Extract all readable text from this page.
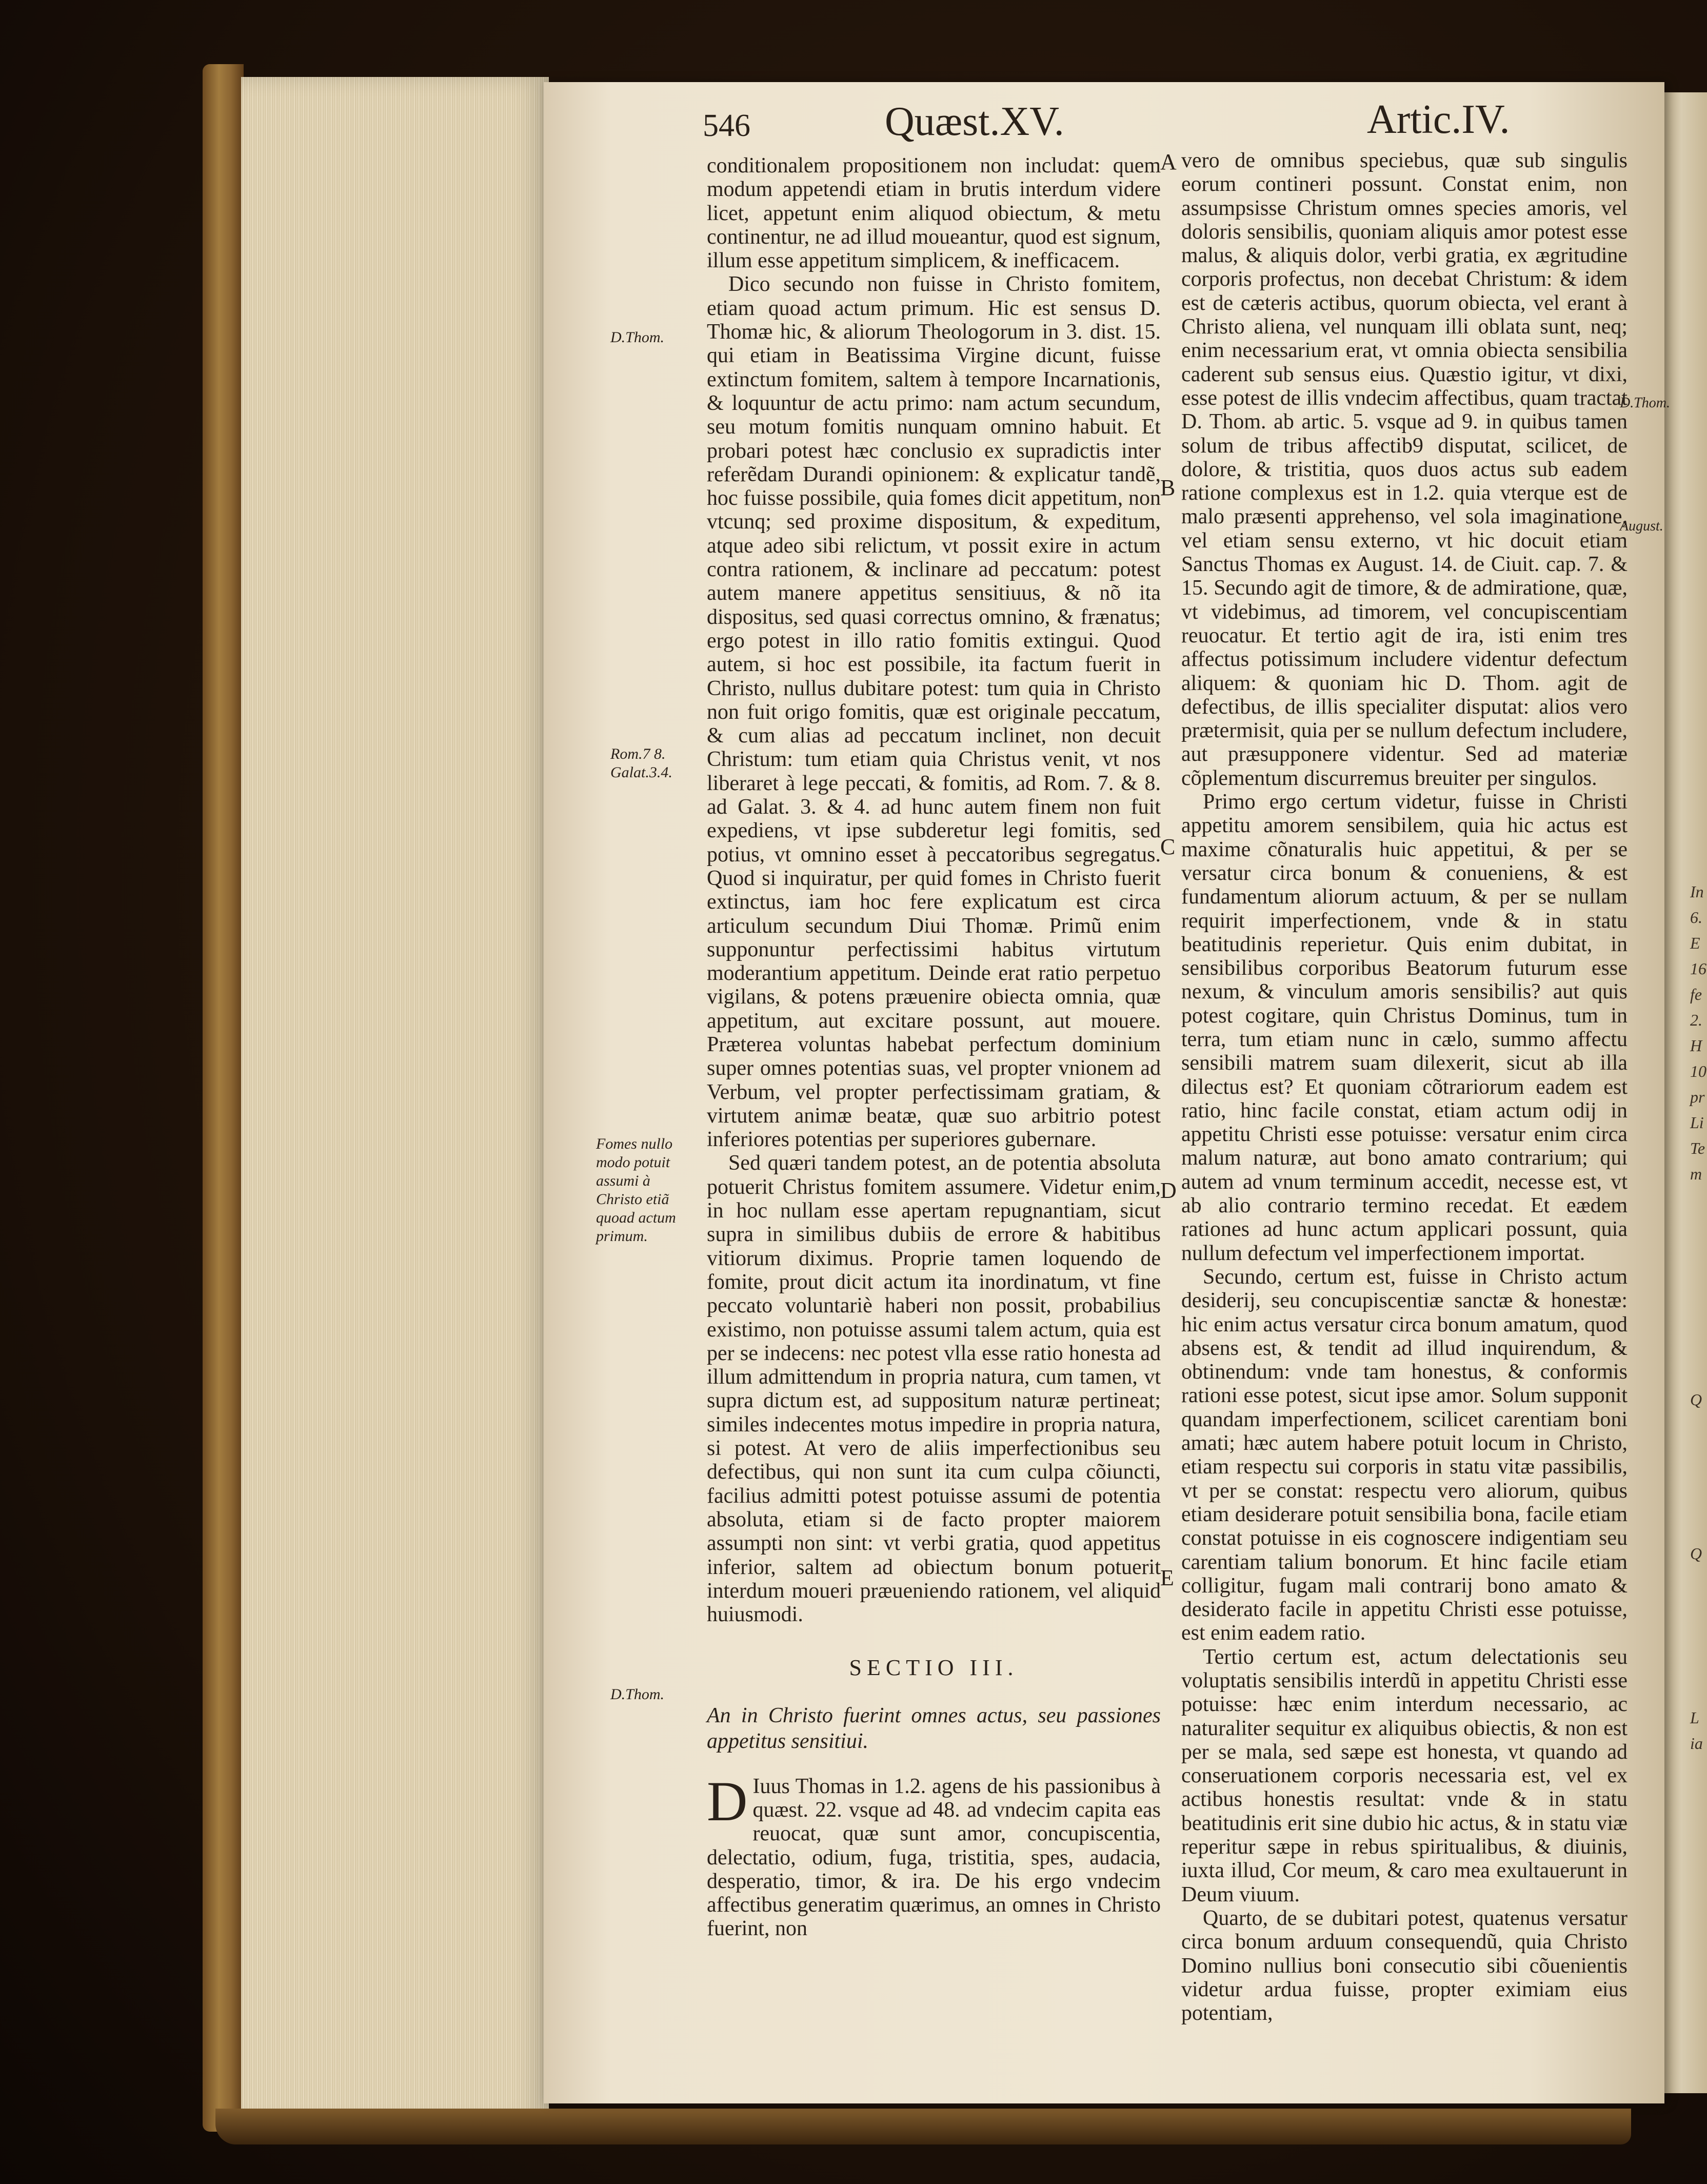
In
6.
E
16
fe
2.
H
10
pr
Li
Te
m
Q
Q
L
ia
546	Quæst.XV.	Artic.IV.
D.Thom.
Rom.7 8. Galat.3.4.
Fomes nullo modo potuit assumi à Christo etiã quoad actum primum.
D.Thom.
A
B
C
D
E
D.Thom.
August.

conditionalem propositionem non includat: quem modum appetendi etiam in brutis interdum videre licet, appetunt enim aliquod obiectum, & metu continentur, ne ad illud moueantur, quod est signum, illum esse appetitum simplicem, & inefficacem.

Dico secundo non fuisse in Christo fomitem, etiam quoad actum primum. Hic est sensus D. Thomæ hic, & aliorum Theologorum in 3. dist. 15. qui etiam in Beatissima Virgine dicunt, fuisse extinctum fomitem, saltem à tempore Incarnationis, & loquuntur de actu primo: nam actum secundum, seu motum fomitis nunquam omnino habuit. Et probari potest hæc conclusio ex supradictis inter referẽdam Durandi opinionem: & explicatur tandẽ, hoc fuisse possibile, quia fomes dicit appetitum, non vtcunq; sed proxime dispositum, & expeditum, atque adeo sibi relictum, vt possit exire in actum contra rationem, & inclinare ad peccatum: potest autem manere appetitus sensitiuus, & nõ ita dispositus, sed quasi correctus omnino, & frænatus; ergo potest in illo ratio fomitis extingui. Quod autem, si hoc est possibile, ita factum fuerit in Christo, nullus dubitare potest: tum quia in Christo non fuit origo fomitis, quæ est originale peccatum, & cum alias ad peccatum inclinet, non decuit Christum: tum etiam quia Christus venit, vt nos liberaret à lege peccati, & fomitis, ad Rom. 7. & 8. ad Galat. 3. & 4. ad hunc autem finem non fuit expediens, vt ipse subderetur legi fomitis, sed potius, vt omnino esset à peccatoribus segregatus. Quod si inquiratur, per quid fomes in Christo fuerit extinctus, iam hoc fere explicatum est circa articulum secundum Diui Thomæ. Primũ enim supponuntur perfectissimi habitus virtutum moderantium appetitum. Deinde erat ratio perpetuo vigilans, & potens præuenire obiecta omnia, quæ appetitum, aut excitare possunt, aut mouere. Præterea voluntas habebat perfectum dominium super omnes potentias suas, vel propter vnionem ad Verbum, vel propter perfectissimam gratiam, & virtutem animæ beatæ, quæ suo arbitrio potest inferiores potentias per superiores gubernare.

Sed quæri tandem potest, an de potentia absoluta potuerit Christus fomitem assumere. Videtur enim, in hoc nullam esse apertam repugnantiam, sicut supra in similibus dubiis de errore & habitibus vitiorum diximus. Proprie tamen loquendo de fomite, prout dicit actum ita inordinatum, vt fine peccato voluntariè haberi non possit, probabilius existimo, non potuisse assumi talem actum, quia est per se indecens: nec potest vlla esse ratio honesta ad illum admittendum in propria natura, cum tamen, vt supra dictum est, ad suppositum naturæ pertineat; similes indecentes motus impedire in propria natura, si potest. At vero de aliis imperfectionibus seu defectibus, qui non sunt ita cum culpa cõiuncti, facilius admitti potest potuisse assumi de potentia absoluta, etiam si de facto propter maiorem assumpti non sint: vt verbi gratia, quod appetitus inferior, saltem ad obiectum bonum potuerit interdum moueri præueniendo rationem, vel aliquid huiusmodi.

SECTIO III.

An in Christo fuerint omnes actus, seu passiones appetitus sensitiui.

D Iuus Thomas in 1.2. agens de his passionibus à quæst. 22. vsque ad 48. ad vndecim capita eas reuocat, quæ sunt amor, concupiscentia, delectatio, odium, fuga, tristitia, spes, audacia, desperatio, timor, & ira. De his ergo vndecim affectibus generatim quærimus, an omnes in Christo fuerint, non

vero de omnibus speciebus, quæ sub singulis eorum contineri possunt. Constat enim, non assumpsisse Christum omnes species amoris, vel doloris sensibilis, quoniam aliquis amor potest esse malus, & aliquis dolor, verbi gratia, ex ægritudine corporis profectus, non decebat Christum: & idem est de cæteris actibus, quorum obiecta, vel erant à Christo aliena, vel nunquam illi oblata sunt, neq; enim necessarium erat, vt omnia obiecta sensibilia caderent sub sensus eius. Quæstio igitur, vt dixi, esse potest de illis vndecim affectibus, quam tractat D. Thom. ab artic. 5. vsque ad 9. in quibus tamen solum de tribus affectib9 disputat, scilicet, de dolore, & tristitia, quos duos actus sub eadem ratione complexus est in 1.2. quia vterque est de malo præsenti apprehenso, vel sola imaginatione, vel etiam sensu externo, vt hic docuit etiam Sanctus Thomas ex August. 14. de Ciuit. cap. 7. & 15. Secundo agit de timore, & de admiratione, quæ, vt videbimus, ad timorem, vel concupiscentiam reuocatur. Et tertio agit de ira, isti enim tres affectus potissimum includere videntur defectum aliquem: & quoniam hic D. Thom. agit de defectibus, de illis specialiter disputat: alios vero prætermisit, quia per se nullum defectum includere, aut præsupponere videntur. Sed ad materiæ cõplementum discurremus breuiter per singulos.

Primo ergo certum videtur, fuisse in Christi appetitu amorem sensibilem, quia hic actus est maxime cõnaturalis huic appetitui, & per se versatur circa bonum & conueniens, & est fundamentum aliorum actuum, & per se nullam requirit imperfectionem, vnde & in statu beatitudinis reperietur. Quis enim dubitat, in sensibilibus corporibus Beatorum futurum esse nexum, & vinculum amoris sensibilis? aut quis potest cogitare, quin Christus Dominus, tum in terra, tum etiam nunc in cælo, summo affectu sensibili matrem suam dilexerit, sicut ab illa dilectus est? Et quoniam cõtrariorum eadem est ratio, hinc facile constat, etiam actum odij in appetitu Christi esse potuisse: versatur enim circa malum naturæ, aut bono amato contrarium; qui autem ad vnum terminum accedit, necesse est, vt ab alio contrario termino recedat. Et eædem rationes ad hunc actum applicari possunt, quia nullum defectum vel imperfectionem importat.

Secundo, certum est, fuisse in Christo actum desiderij, seu concupiscentiæ sanctæ & honestæ: hic enim actus versatur circa bonum amatum, quod absens est, & tendit ad illud inquirendum, & obtinendum: vnde tam honestus, & conformis rationi esse potest, sicut ipse amor. Solum supponit quandam imperfectionem, scilicet carentiam boni amati; hæc autem habere potuit locum in Christo, etiam respectu sui corporis in statu vitæ passibilis, vt per se constat: respectu vero aliorum, quibus etiam desiderare potuit sensibilia bona, facile etiam constat potuisse in eis cognoscere indigentiam seu carentiam talium bonorum. Et hinc facile etiam colligitur, fugam mali contrarij bono amato & desiderato facile in appetitu Christi esse potuisse, est enim eadem ratio.

Tertio certum est, actum delectationis seu voluptatis sensibilis interdũ in appetitu Christi esse potuisse: hæc enim interdum necessario, ac naturaliter sequitur ex aliquibus obiectis, & non est per se mala, sed sæpe est honesta, vt quando ad conseruationem corporis necessaria est, vel ex actibus honestis resultat: vnde & in statu beatitudinis erit sine dubio hic actus, & in statu viæ reperitur sæpe in rebus spiritualibus, & diuinis, iuxta illud, Cor meum, & caro mea exultauerunt in Deum viuum.

Quarto, de se dubitari potest, quatenus versatur circa bonum arduum consequendũ, quia Christo Domino nullius boni consecutio sibi cõuenientis videtur ardua fuisse, propter eximiam eius potentiam,
